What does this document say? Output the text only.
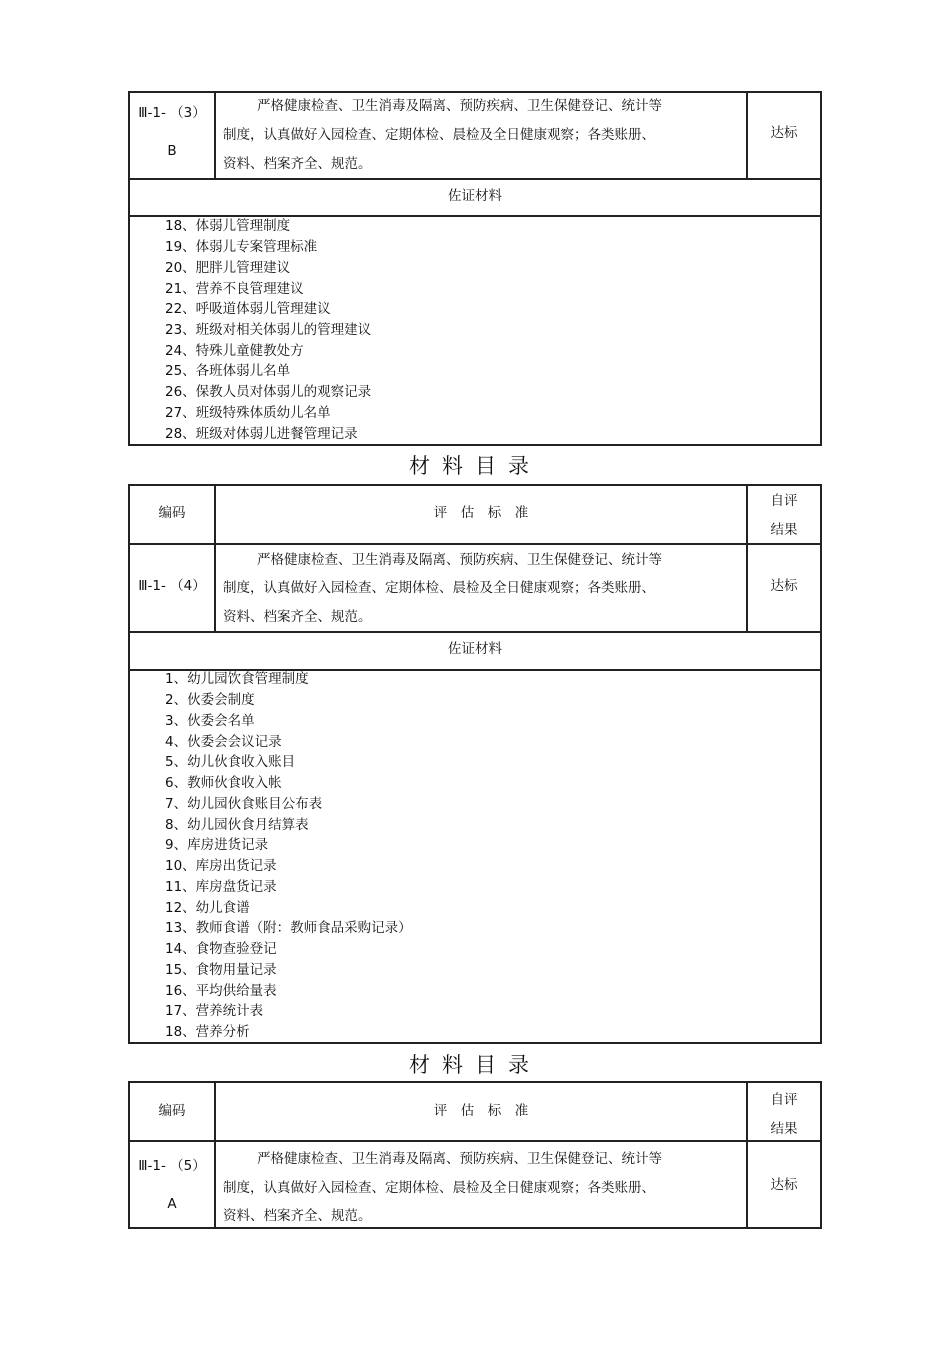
Ⅲ-1- （3）
B
严格健康检查、卫生消毒及隔离、预防疾病、卫生保健登记、统计等
制度，认真做好入园检查、定期体检、晨检及全日健康观察；各类账册、
资料、档案齐全、规范。
达标
佐证材料
18、体弱儿管理制度
19、体弱儿专案管理标准
20、肥胖儿管理建议
21、营养不良管理建议
22、呼吸道体弱儿管理建议
23、班级对相关体弱儿的管理建议
24、特殊儿童健教处方
25、各班体弱儿名单
26、保教人员对体弱儿的观察记录
27、班级特殊体质幼儿名单
28、班级对体弱儿进餐管理记录
材料目录
编码	评　估　标　准
自评
结果
Ⅲ-1- （4）
严格健康检查、卫生消毒及隔离、预防疾病、卫生保健登记、统计等
制度，认真做好入园检查、定期体检、晨检及全日健康观察；各类账册、
资料、档案齐全、规范。
达标
佐证材料
1、幼儿园饮食管理制度
2、伙委会制度
3、伙委会名单
4、伙委会会议记录
5、幼儿伙食收入账目
6、教师伙食收入帐
7、幼儿园伙食账目公布表
8、幼儿园伙食月结算表
9、库房进货记录
10、库房出货记录
11、库房盘货记录
12、幼儿食谱
13、教师食谱（附：教师食品采购记录）
14、食物查验登记
15、食物用量记录
16、平均供给量表
17、营养统计表
18、营养分析
材料目录
编码	评　估　标　准
自评
结果
Ⅲ-1- （5）
A
严格健康检查、卫生消毒及隔离、预防疾病、卫生保健登记、统计等
制度，认真做好入园检查、定期体检、晨检及全日健康观察；各类账册、
资料、档案齐全、规范。
达标
